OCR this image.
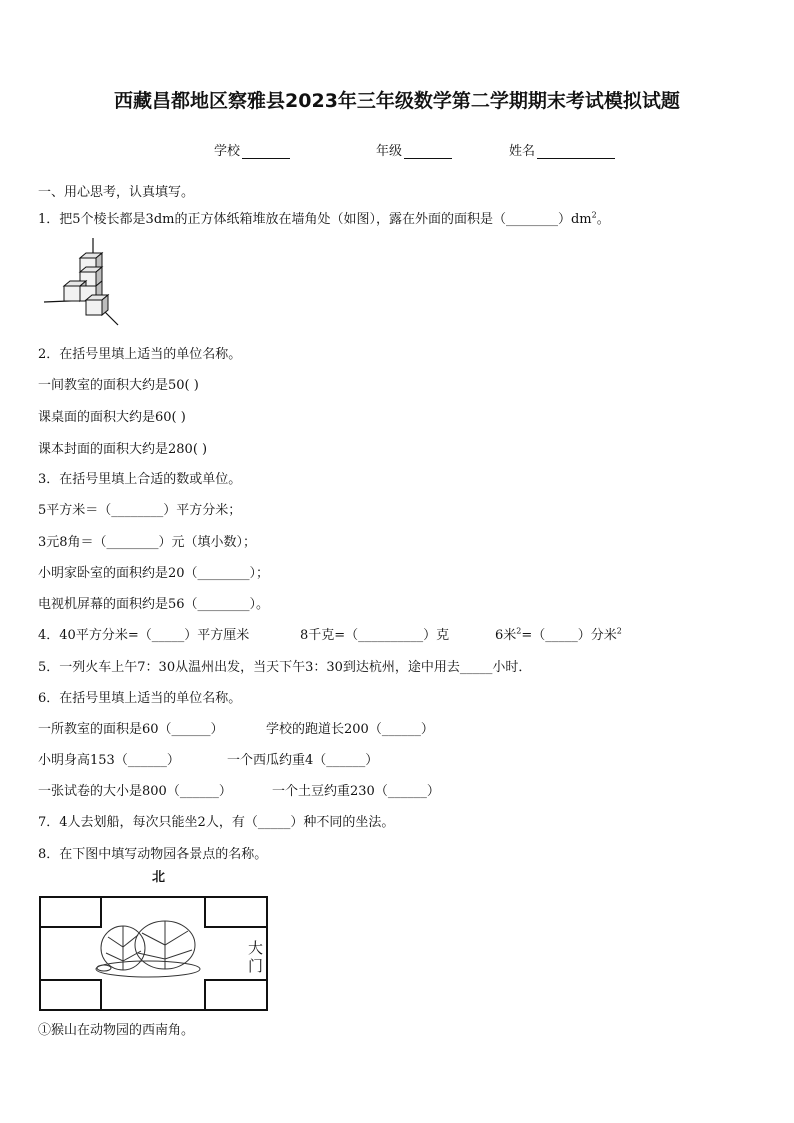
西藏昌都地区察雅县2023年三年级数学第二学期期末考试模拟试题
学校	年级	姓名
一、用心思考，认真填写。
1．把5个棱长都是3dm的正方体纸箱堆放在墙角处（如图），露在外面的面积是$(\_\_\_\_\_\_\_\_)dm^2$。
2．在括号里填上适当的单位名称。
一间教室的面积大约是50( )
课桌面的面积大约是60( )
课本封面的面积大约是280( )
3．在括号里填上合适的数或单位。
5平方米＝（________）平方分米；
3元8角＝（________）元（填小数）；
小明家卧室的面积约是20（________）；
电视机屏幕的面积约是56（________）。
4．40平方分米=（_____）平方厘米	8千克=（__________）克	6米$^2$=（_____）分米$^2$
5．一列火车上午7：30从温州出发，当天下午3：30到达杭州，途中用去_____小时．
6．在括号里填上适当的单位名称。
一所教室的面积是60（______）	学校的跑道长200（______）
小明身高153（______）	一个西瓜约重4（______）
一张试卷的大小是800（______）	一个土豆约重230（______）
7．4人去划船，每次只能坐2人，有（_____）种不同的坐法。
8．在下图中填写动物园各景点的名称。
北
大
门
①猴山在动物园的西南角。
